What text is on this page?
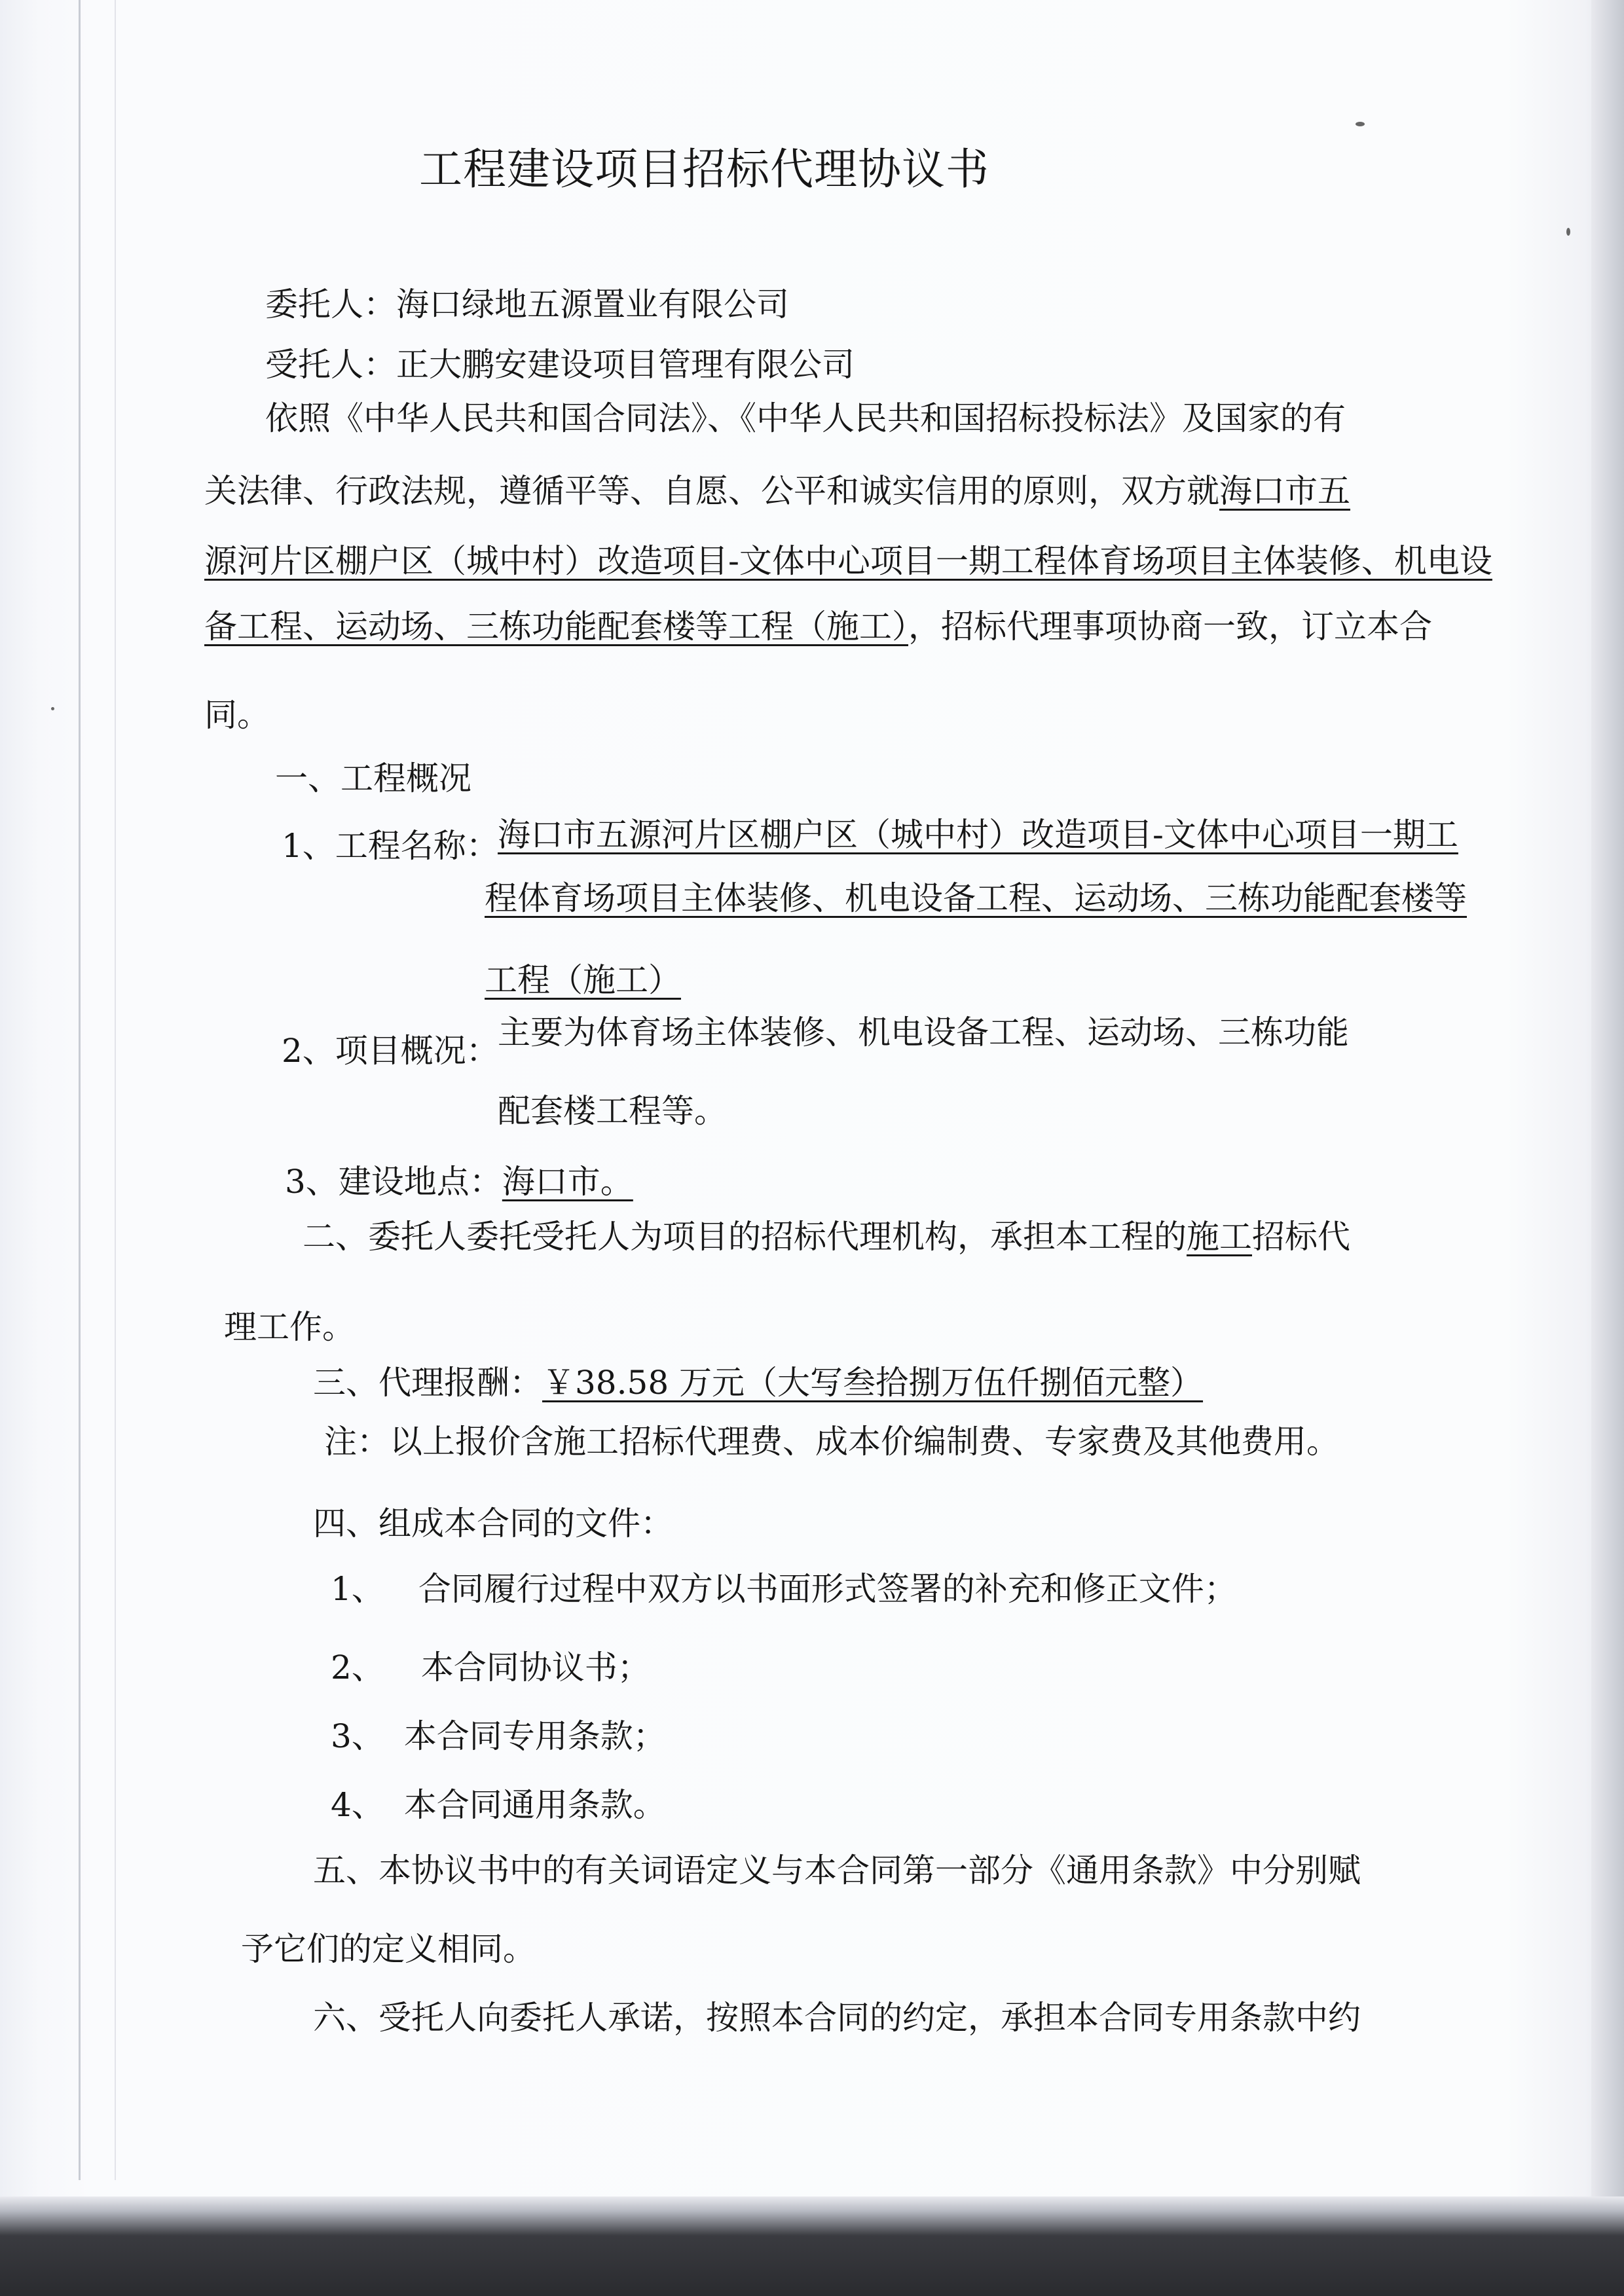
工程建设项目招标代理协议书
委托人：海口绿地五源置业有限公司
受托人：正大鹏安建设项目管理有限公司
依照《中华人民共和国合同法》、《中华人民共和国招标投标法》及国家的有
关法律、行政法规，遵循平等、自愿、公平和诚实信用的原则，双方就海口市五
源河片区棚户区（城中村）改造项目-文体中心项目一期工程体育场项目主体装修、机电设
备工程、运动场、三栋功能配套楼等工程（施工），招标代理事项协商一致，订立本合
同。
一、工程概况
1、工程名称：
海口市五源河片区棚户区（城中村）改造项目-文体中心项目一期工
程体育场项目主体装修、机电设备工程、运动场、三栋功能配套楼等
工程（施工）
2、项目概况：
主要为体育场主体装修、机电设备工程、运动场、三栋功能
配套楼工程等。
3、建设地点：海口市。
二、委托人委托受托人为项目的招标代理机构，承担本工程的施工招标代
理工作。
三、代理报酬：￥38.58 万元（大写叁拾捌万伍仟捌佰元整）
注：以上报价含施工招标代理费、成本价编制费、专家费及其他费用。
四、组成本合同的文件：
1、 合同履行过程中双方以书面形式签署的补充和修正文件；
2、 本合同协议书；
3、 本合同专用条款；
4、 本合同通用条款。
五、本协议书中的有关词语定义与本合同第一部分《通用条款》中分别赋
予它们的定义相同。
六、受托人向委托人承诺，按照本合同的约定，承担本合同专用条款中约
